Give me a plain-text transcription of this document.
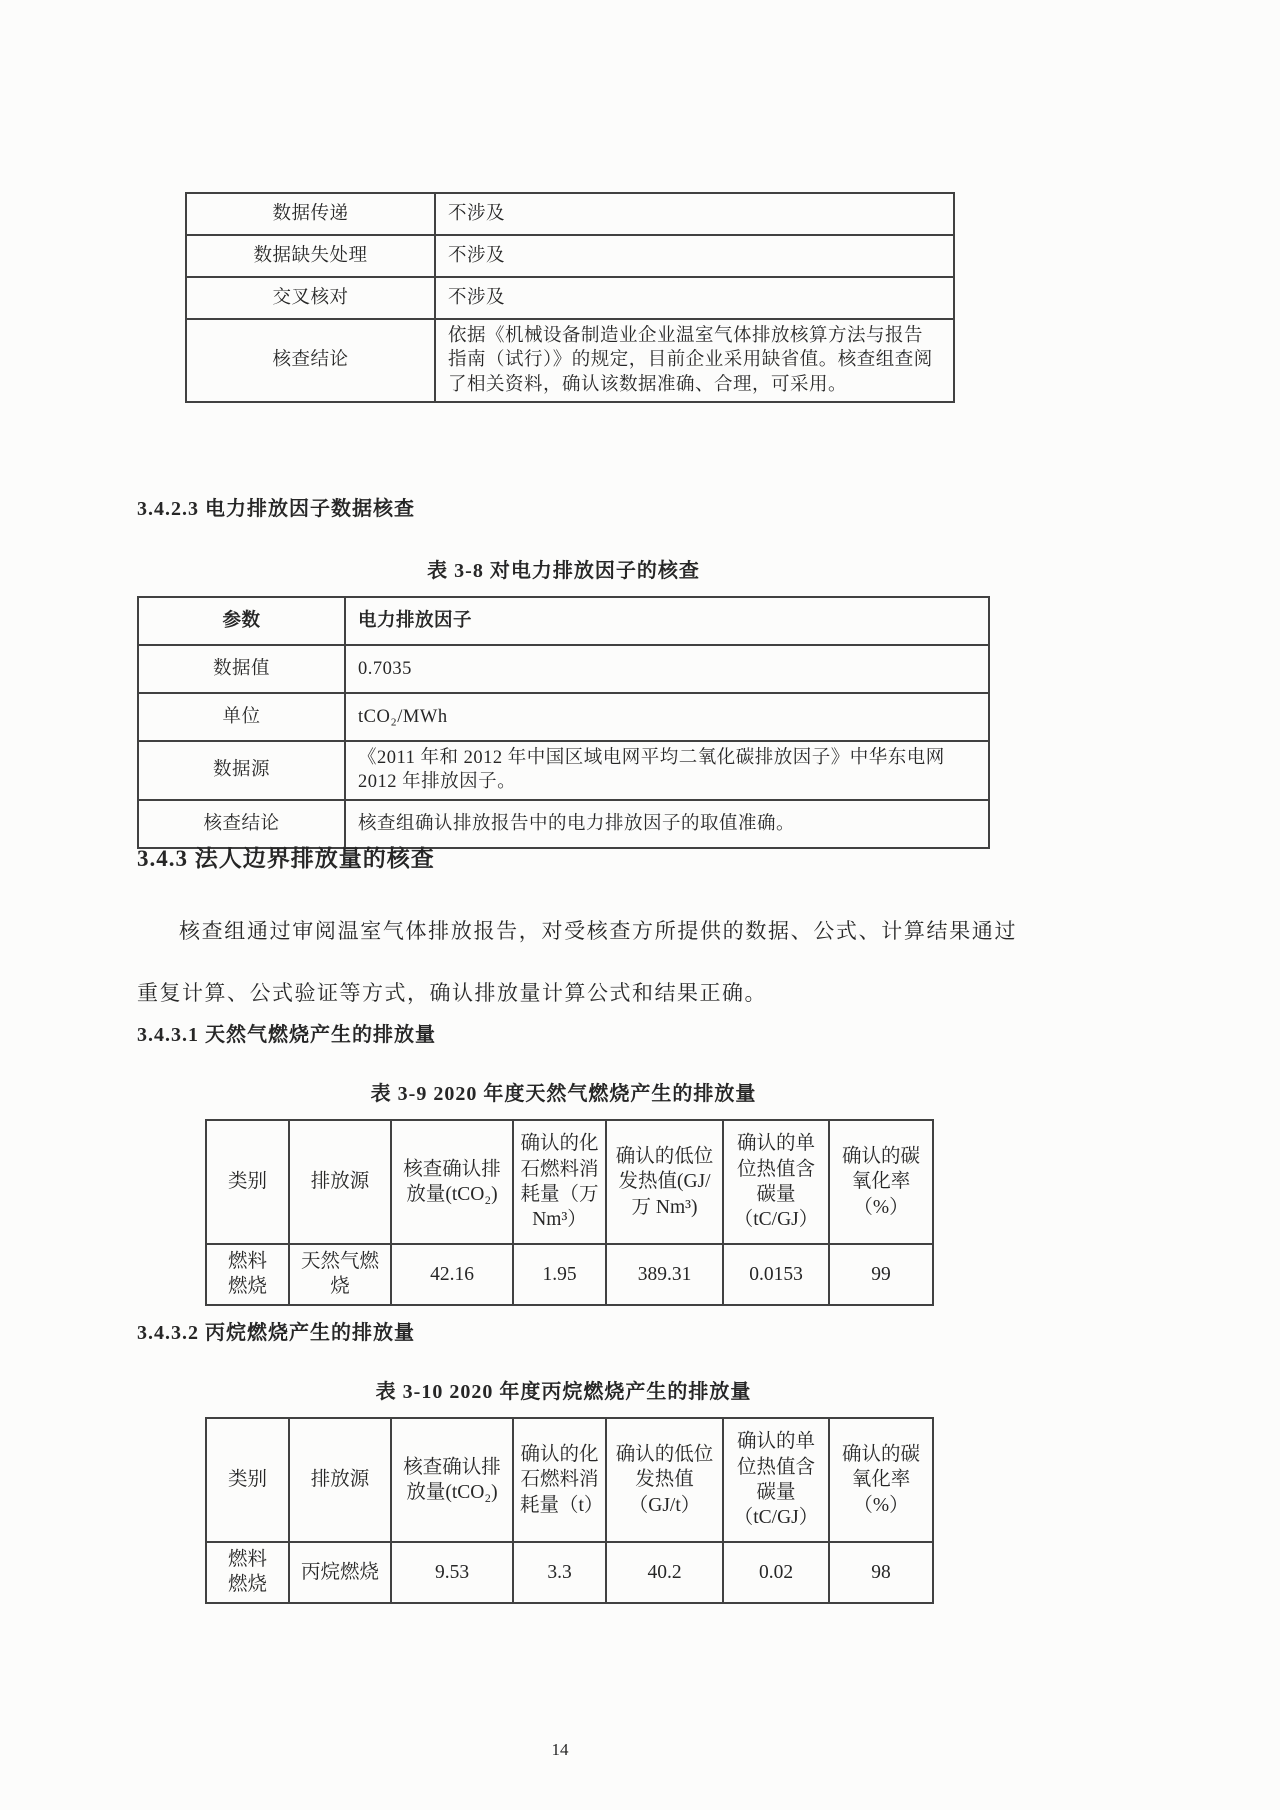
数据传递	不涉及
数据缺失处理	不涉及
交叉核对	不涉及
核查结论	依据《机械设备制造业企业温室气体排放核算方法与报告指南（试行）》的规定，目前企业采用缺省值。核查组查阅了相关资料，确认该数据准确、合理，可采用。
3.4.2.3 电力排放因子数据核查
表 3-8 对电力排放因子的核查
参数	电力排放因子
数据值	0.7035
单位	tCO₂/MWh
数据源	《2011 年和 2012 年中国区域电网平均二氧化碳排放因子》中华东电网 2012 年排放因子。
核查结论	核查组确认排放报告中的电力排放因子的取值准确。
3.4.3 法人边界排放量的核查

核查组通过审阅温室气体排放报告，对受核查方所提供的数据、公式、计算结果通过重复计算、公式验证等方式，确认排放量计算公式和结果正确。

3.4.3.1 天然气燃烧产生的排放量
表 3-9 2020 年度天然气燃烧产生的排放量
类别	排放源	核查确认排放量(tCO₂)	确认的化石燃料消耗量（万 Nm³）	确认的低位发热值(GJ/万 Nm³)	确认的单位热值含碳量（tC/GJ）	确认的碳氧化率（%）
燃料燃烧	天然气燃烧	42.16	1.95	389.31	0.0153	99
3.4.3.2 丙烷燃烧产生的排放量
表 3-10 2020 年度丙烷燃烧产生的排放量
类别	排放源	核查确认排放量(tCO₂)	确认的化石燃料消耗量（t）	确认的低位发热值（GJ/t）	确认的单位热值含碳量（tC/GJ）	确认的碳氧化率（%）
燃料燃烧	丙烷燃烧	9.53	3.3	40.2	0.02	98
14
